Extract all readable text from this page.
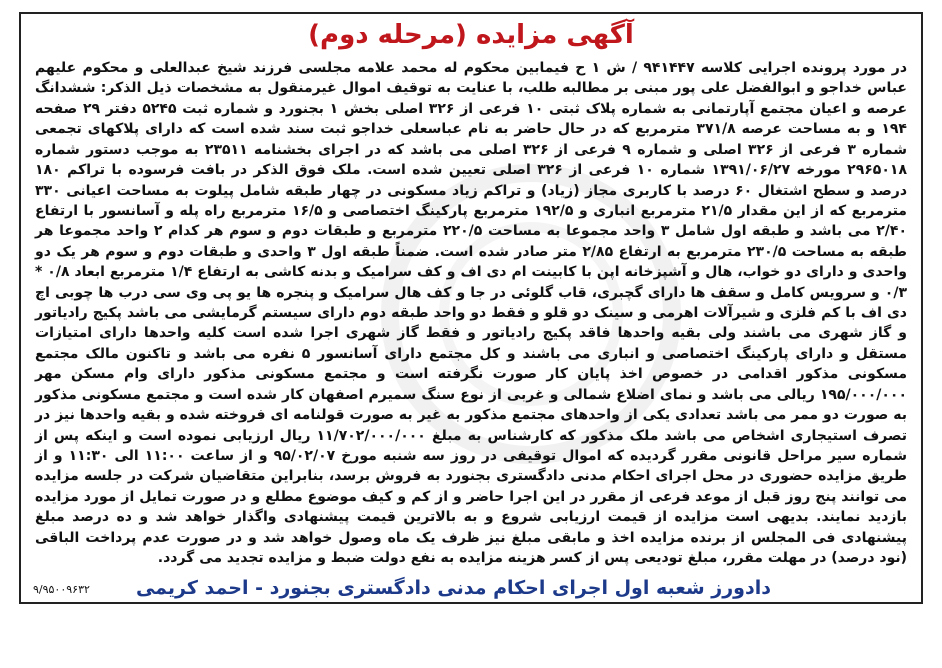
آگهی مزایده (مرحله دوم)
در مورد پرونده اجرایی کلاسه ۹۴۱۴۴۷ / ش ۱ ح فیمابین محکوم له محمد علامه مجلسی فرزند شیخ عبدالعلی و محکوم علیهم عباس خداجو و ابوالفضل علی پور مبنی بر مطالبه طلب، با عنایت به توقیف اموال غیرمنقول به مشخصات ذیل الذکر: ششدانگ عرصه و اعیان مجتمع آپارتمانی به شماره پلاک ثبتی ۱۰ فرعی از ۳۲۶ اصلی بخش ۱ بجنورد و شماره ثبت ۵۲۴۵ دفتر ۲۹ صفحه ۱۹۴ و به مساحت عرصه ۳۷۱/۸ مترمربع که در حال حاضر به نام عباسعلی خداجو ثبت سند شده است که دارای پلاکهای تجمعی شماره ۳ فرعی از ۳۲۶ اصلی و شماره ۹ فرعی از ۳۲۶ اصلی می باشد که در اجرای بخشنامه ۲۳۵۱۱ به موجب دستور شماره ۲۹۶۵۰۱۸ مورخه ۱۳۹۱/۰۶/۲۷ شماره ۱۰ فرعی از ۳۲۶ اصلی تعیین شده است. ملک فوق الذکر در بافت فرسوده با تراکم ۱۸۰ درصد و سطح اشتغال ۶۰ درصد با کاربری مجاز (زیاد) و تراکم زیاد مسکونی در چهار طبقه شامل پیلوت به مساحت اعیانی ۳۳۰ مترمربع که از این مقدار ۲۱/۵ مترمربع انباری و ۱۹۲/۵ مترمربع پارکینگ اختصاصی و ۱۶/۵ مترمربع راه پله و آسانسور با ارتفاع ۲/۴۰ می باشد و طبقه اول شامل ۳ واحد مجموعا به مساحت ۲۲۰/۵ مترمربع و طبقات دوم و سوم هر کدام ۲ واحد مجموعا هر طبقه به مساحت ۲۳۰/۵ مترمربع به ارتفاع ۲/۸۵ متر صادر شده است. ضمناً طبقه اول ۳ واحدی و طبقات دوم و سوم هر یک دو واحدی و دارای دو خواب، هال و آشپزخانه اپن با کابینت ام دی اف و کف سرامیک و بدنه کاشی به ارتفاع ۱/۴ مترمربع ابعاد ۰/۸ * ۰/۳ و سرویس کامل و سقف ها دارای گچبری، قاب گلوئی در جا و کف هال سرامیک و پنجره ها یو پی وی سی درب ها چوبی اچ دی اف با کم فلزی و شیرآلات اهرمی و سینک دو قلو و فقط دو واحد طبقه دوم دارای سیستم گرمایشی می باشد پکیج رادیاتور و گاز شهری می باشند ولی بقیه واحدها فاقد پکیج رادیاتور و فقط گاز شهری اجرا شده است کلیه واحدها دارای امتیازات مستقل و دارای پارکینگ اختصاصی و انباری می باشند و کل مجتمع دارای آسانسور ۵ نفره می باشد و تاکنون مالک مجتمع مسکونی مذکور اقدامی در خصوص اخذ پایان کار صورت نگرفته است و مجتمع مسکونی مذکور دارای وام مسکن مهر ۱۹۵/۰۰۰/۰۰۰ ریالی می باشد و نمای اضلاع شمالی و غربی از نوع سنگ سمیرم اصفهان کار شده است و مجتمع مسکونی مذکور به صورت دو ممر می باشد تعدادی یکی از واحدهای مجتمع مذکور به غیر به صورت قولنامه ای فروخته شده و بقیه واحدها نیز در تصرف استیجاری اشخاص می باشد ملک مذکور که کارشناس به مبلغ ۱۱/۷۰۲/۰۰۰/۰۰۰ ریال ارزیابی نموده است و اینکه پس از شماره سیر مراحل قانونی مقرر گردیده که اموال توقیفی در روز سه شنبه مورخ ۹۵/۰۲/۰۷ و از ساعت ۱۱:۰۰ الی ۱۱:۳۰ و از طریق مزایده حضوری در محل اجرای احکام مدنی دادگستری بجنورد به فروش برسد، بنابراین متقاضیان شرکت در جلسه مزایده می توانند پنج روز قبل از موعد فرعی از مقرر در این اجرا حاضر و از کم و کیف موضوع مطلع و در صورت تمایل از مورد مزایده بازدید نمایند. بدیهی است مزایده از قیمت ارزیابی شروع و به بالاترین قیمت پیشنهادی واگذار خواهد شد و ده درصد مبلغ پیشنهادی فی المجلس از برنده مزایده اخذ و مابقی مبلغ نیز ظرف یک ماه وصول خواهد شد و در صورت عدم پرداخت الباقی (نود درصد) در مهلت مقرر، مبلغ تودیعی پس از کسر هزینه مزایده به نفع دولت ضبط و مزایده تجدید می گردد.
دادورز شعبه اول اجرای احکام مدنی دادگستری بجنورد - احمد کریمی
۹/۹۵۰۰۹۶۳۲
